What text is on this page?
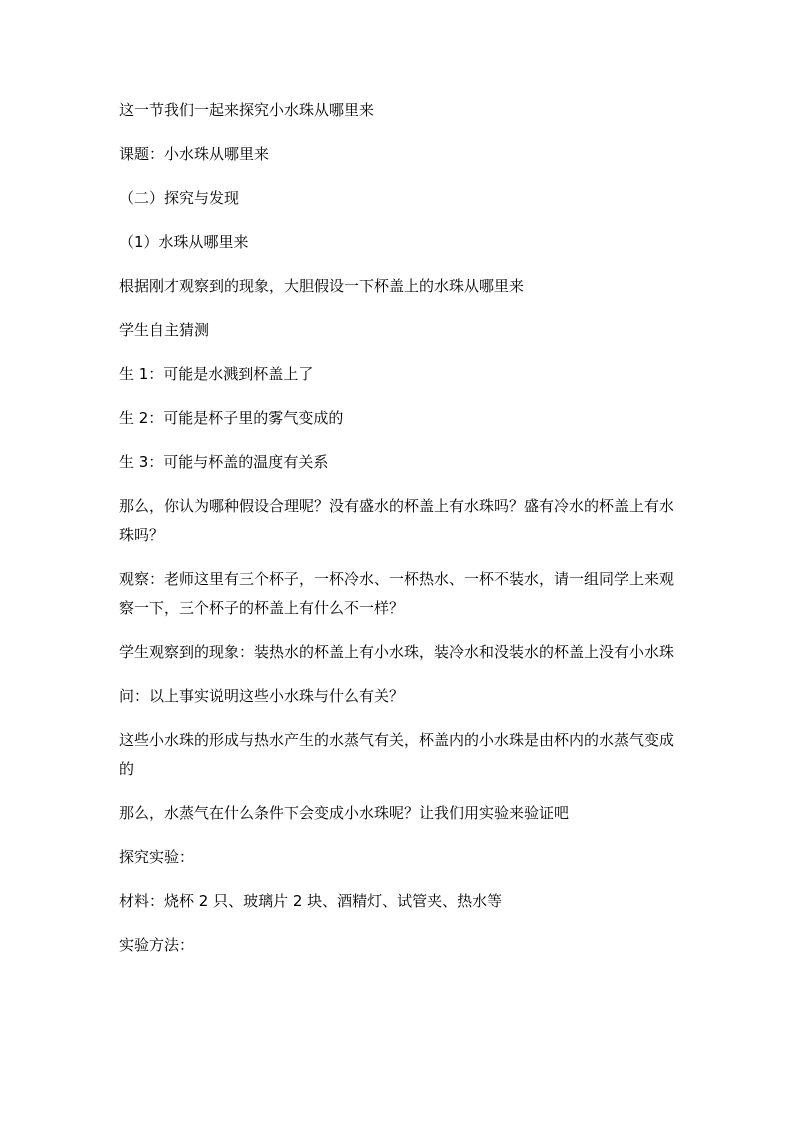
这一节我们一起来探究小水珠从哪里来

课题：小水珠从哪里来

（二）探究与发现

（1）水珠从哪里来

根据刚才观察到的现象，大胆假设一下杯盖上的水珠从哪里来

学生自主猜测

生 1：可能是水溅到杯盖上了

生 2：可能是杯子里的雾气变成的

生 3：可能与杯盖的温度有关系

那么，你认为哪种假设合理呢？没有盛水的杯盖上有水珠吗？盛有冷水的杯盖上有水珠吗？

观察：老师这里有三个杯子，一杯冷水、一杯热水、一杯不装水，请一组同学上来观察一下，三个杯子的杯盖上有什么不一样？

学生观察到的现象：装热水的杯盖上有小水珠，装冷水和没装水的杯盖上没有小水珠

问：以上事实说明这些小水珠与什么有关？

这些小水珠的形成与热水产生的水蒸气有关，杯盖内的小水珠是由杯内的水蒸气变成的

那么，水蒸气在什么条件下会变成小水珠呢？让我们用实验来验证吧

探究实验：

材料：烧杯 2 只、玻璃片 2 块、酒精灯、试管夹、热水等

实验方法：
